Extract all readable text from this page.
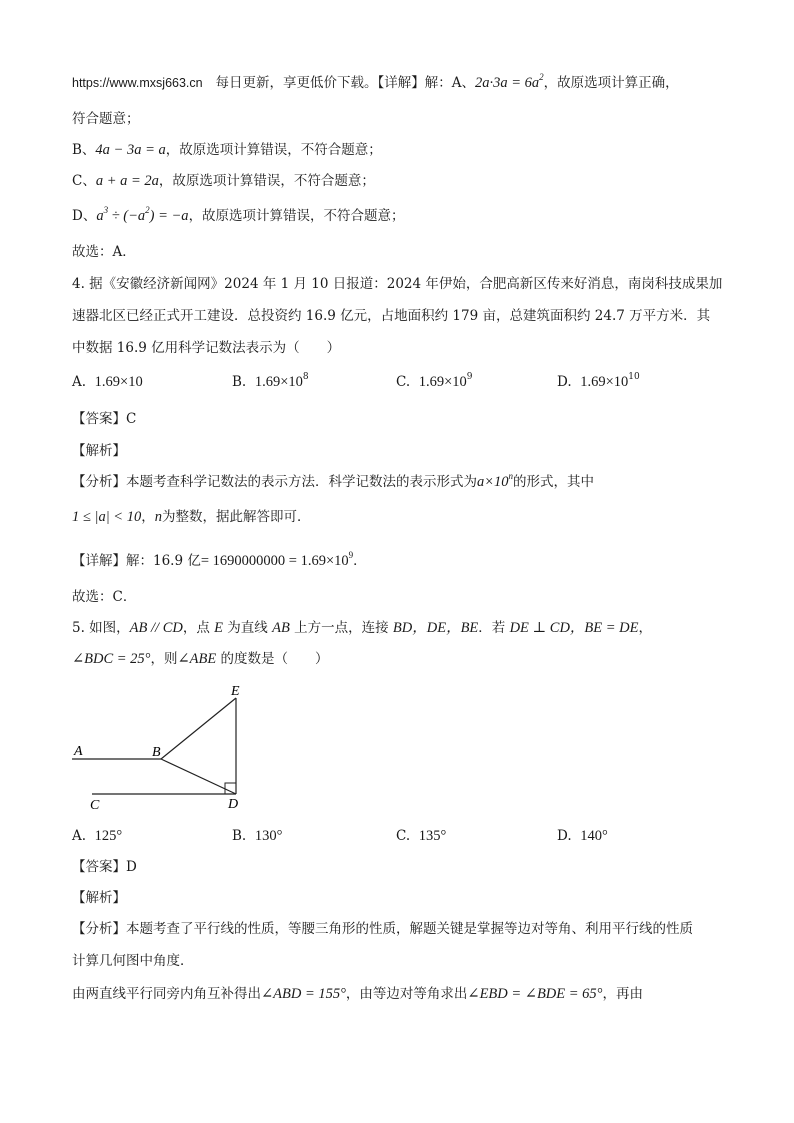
https://www.mxsj663.cn 每日更新，享更低价下载。【详解】解：A、$2a\cdot 3a = 6a^2$，故原选项计算正确，
符合题意；
B、4a − 3a = a，故原选项计算错误，不符合题意；
C、a + a = 2a，故原选项计算错误，不符合题意；
D、$a^3 \div (-a^2) = -a$，故原选项计算错误，不符合题意；
故选：A．
4. 据《安徽经济新闻网》2024 年 1 月 10 日报道：2024 年伊始，合肥高新区传来好消息，南岗科技成果加
速器北区已经正式开工建设．总投资约 16.9 亿元，占地面积约 179 亩，总建筑面积约 24.7 万平方米．其
中数据 16.9 亿用科学记数法表示为（　　）
A. 1.69×10	B. $1.69\times 10^8$	C. $1.69\times 10^9$	D. $1.69\times 10^{10}$
【答案】C
【解析】
【分析】本题考查科学记数法的表示方法．科学记数法的表示形式为$a\times 10^n$的形式，其中
1 ≤ |a| < 10，n为整数，据此解答即可．
【详解】解：16.9 亿= $1690000000 = 1.69\times 10^9$．
故选：C．
5. 如图，AB // CD，点 E 为直线 AB 上方一点，连接 BD，DE，BE．若 DE ⊥ CD，BE = DE，
∠BDC = 25°，则∠ABE 的度数是（　　）
A	B
C	D
E
A. 125°	B. 130°	C. 135°	D. 140°
【答案】D
【解析】
【分析】本题考查了平行线的性质，等腰三角形的性质，解题关键是掌握等边对等角、利用平行线的性质
计算几何图中角度．
由两直线平行同旁内角互补得出∠ABD = 155°，由等边对等角求出∠EBD = ∠BDE = 65°，再由
